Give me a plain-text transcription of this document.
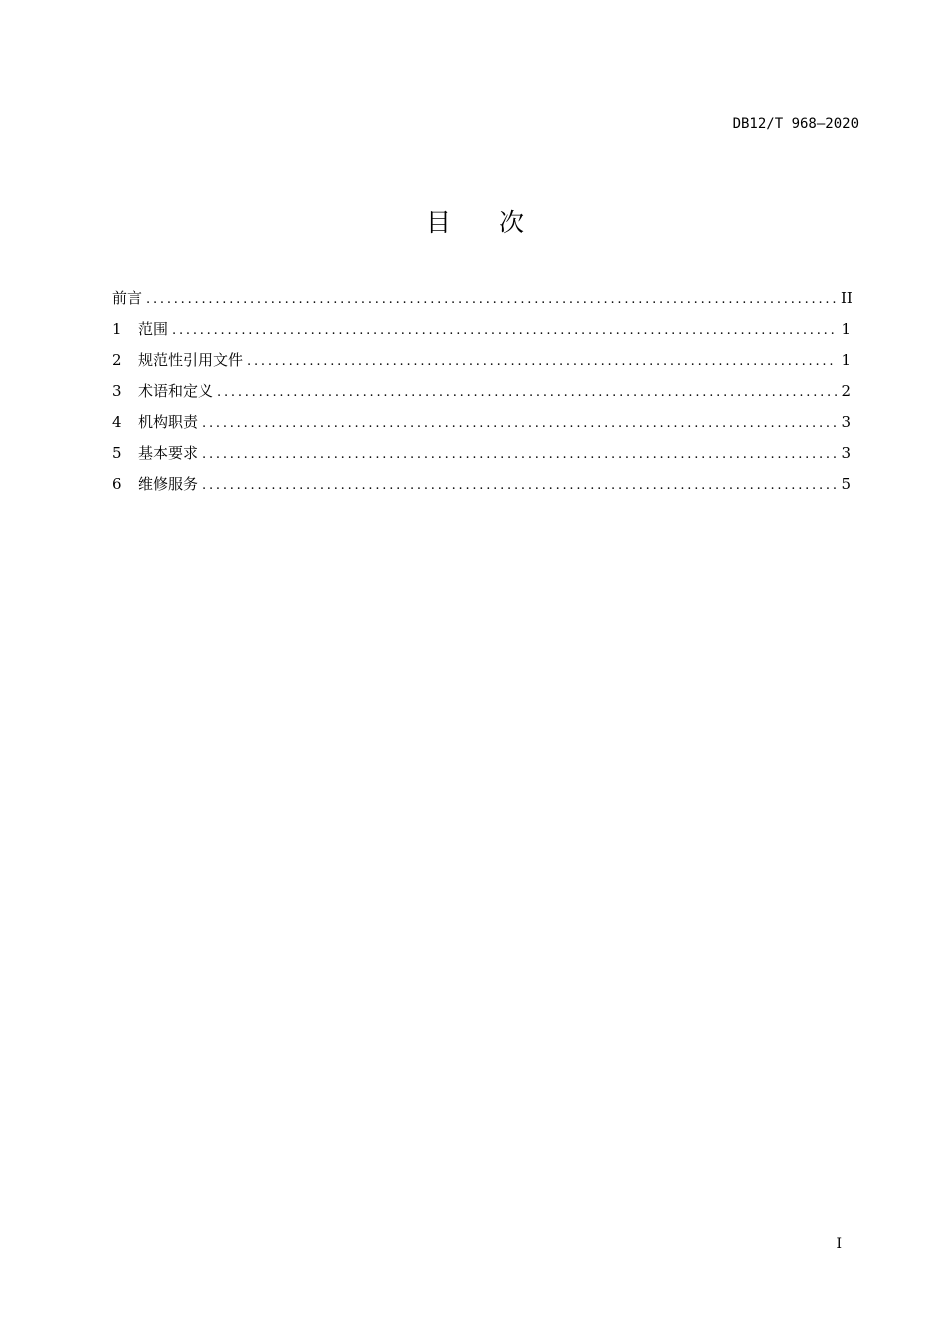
DB12/T 968—2020
目次
前言 .....	II
1	范围 .....	1
2	规范性引用文件 .....	1
3	术语和定义 .....	2
4	机构职责 .....	3
5	基本要求 .....	3
6	维修服务 .....	5
I
